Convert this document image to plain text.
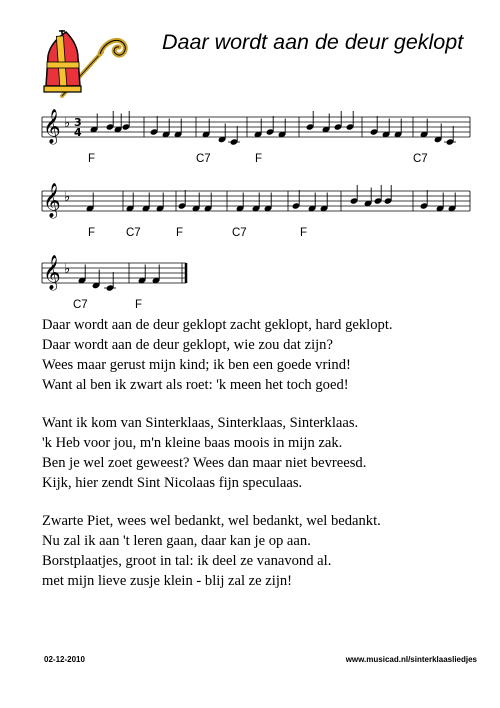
Daar wordt aan de deur geklopt
𝄞 ♭ 3
4
𝄞 ♭
𝄞 ♭
F	C7	F	C7
F	C7	F	C7	F
C7	F
Daar wordt aan de deur geklopt zacht geklopt, hard geklopt.
Daar wordt aan de deur geklopt, wie zou dat zijn?
Wees maar gerust mijn kind; ik ben een goede vrind!
Want al ben ik zwart als roet: 'k meen het toch goed!
Want ik kom van Sinterklaas, Sinterklaas, Sinterklaas.
'k Heb voor jou, m'n kleine baas moois in mijn zak.
Ben je wel zoet geweest? Wees dan maar niet bevreesd.
Kijk, hier zendt Sint Nicolaas fijn speculaas.
Zwarte Piet, wees wel bedankt, wel bedankt, wel bedankt.
Nu zal ik aan 't leren gaan, daar kan je op aan.
Borstplaatjes, groot in tal: ik deel ze vanavond al.
met mijn lieve zusje klein - blij zal ze zijn!
02-12-2010	www.musicad.nl/sinterklaasliedjes
